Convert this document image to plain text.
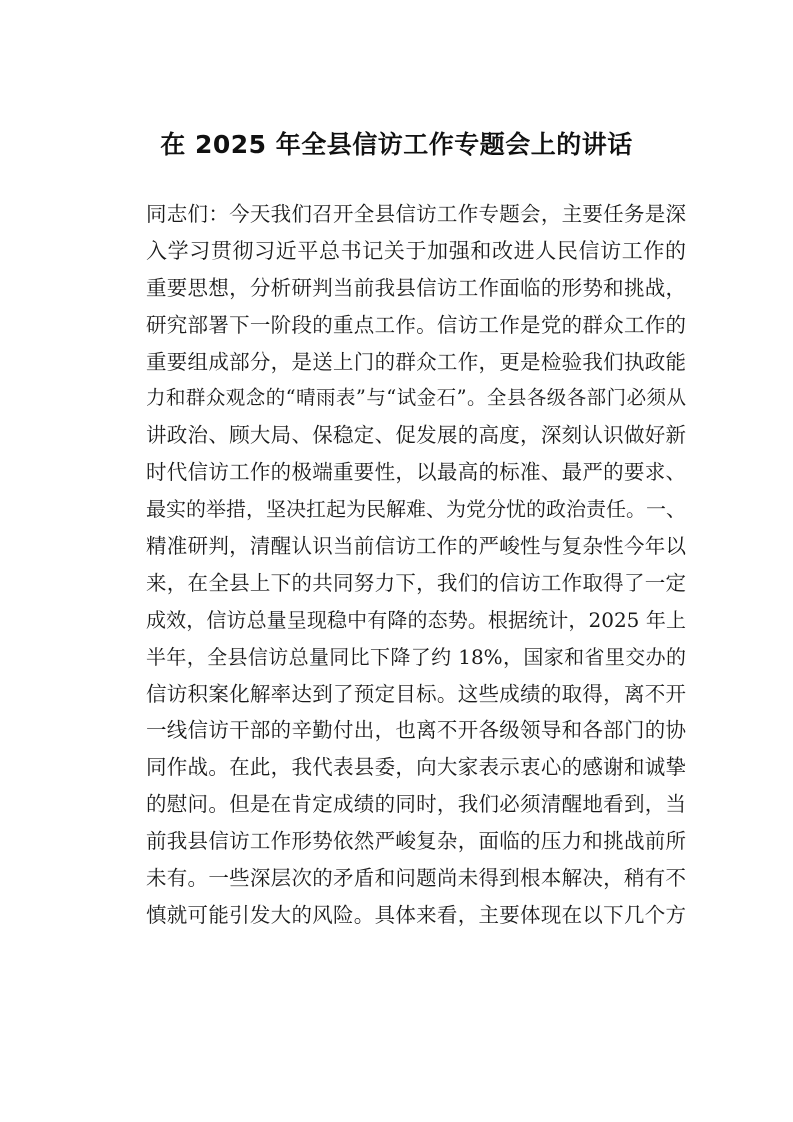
在 2025 年全县信访工作专题会上的讲话
同志们：今天我们召开全县信访工作专题会，主要任务是深
入学习贯彻习近平总书记关于加强和改进人民信访工作的
重要思想，分析研判当前我县信访工作面临的形势和挑战，
研究部署下一阶段的重点工作。信访工作是党的群众工作的
重要组成部分，是送上门的群众工作，更是检验我们执政能
力和群众观念的“晴雨表”与“试金石”。全县各级各部门必须从
讲政治、顾大局、保稳定、促发展的高度，深刻认识做好新
时代信访工作的极端重要性，以最高的标准、最严的要求、
最实的举措，坚决扛起为民解难、为党分忧的政治责任。一、
精准研判，清醒认识当前信访工作的严峻性与复杂性今年以
来，在全县上下的共同努力下，我们的信访工作取得了一定
成效，信访总量呈现稳中有降的态势。根据统计，2025 年上
半年，全县信访总量同比下降了约 18%，国家和省里交办的
信访积案化解率达到了预定目标。这些成绩的取得，离不开
一线信访干部的辛勤付出，也离不开各级领导和各部门的协
同作战。在此，我代表县委，向大家表示衷心的感谢和诚挚
的慰问。但是在肯定成绩的同时，我们必须清醒地看到，当
前我县信访工作形势依然严峻复杂，面临的压力和挑战前所
未有。一些深层次的矛盾和问题尚未得到根本解决，稍有不
慎就可能引发大的风险。具体来看，主要体现在以下几个方
